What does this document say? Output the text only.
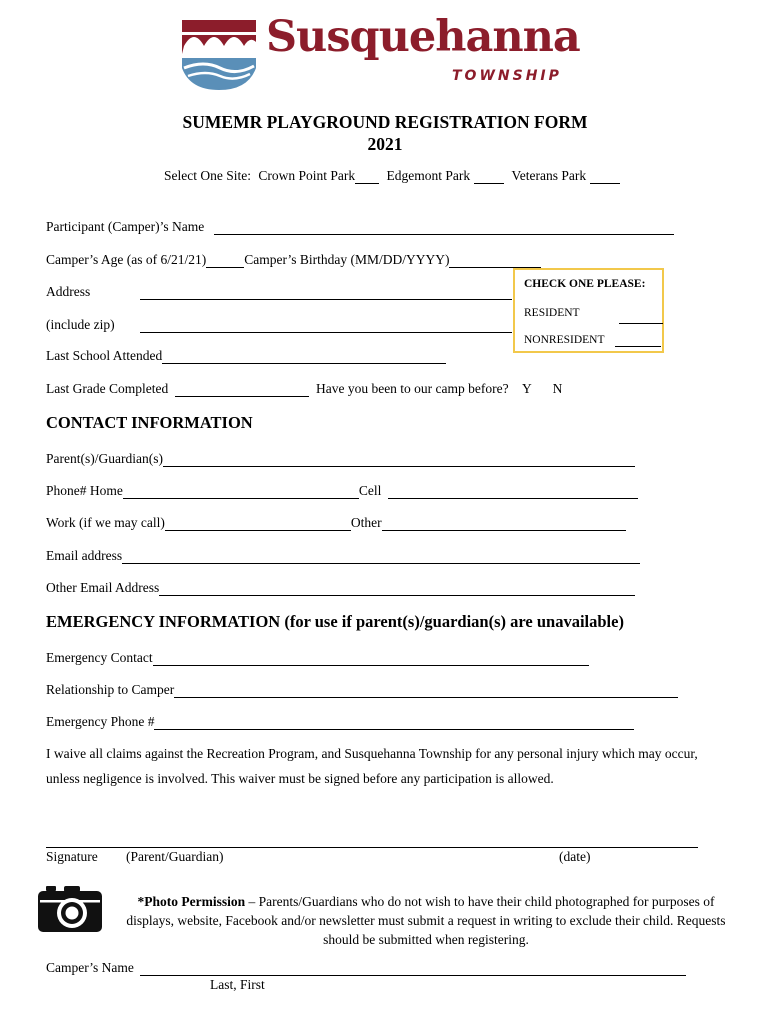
Susquehanna
TOWNSHIP
SUMEMR PLAYGROUND REGISTRATION FORM
2021
Select One Site: Crown Point Park Edgemont Park	Veterans Park
Participant (Camper)’s Name
Camper’s Age (as of 6/21/21)	Camper’s Birthday (MM/DD/YYYY)
Address
(include zip)
Last School Attended
Last Grade Completed	Have you been to our camp before? Y N
CHECK ONE PLEASE:
RESIDENT
NONRESIDENT
CONTACT INFORMATION
Parent(s)/Guardian(s)
Phone# Home	Cell
Work (if we may call)	Other
Email address
Other Email Address
EMERGENCY INFORMATION (for use if parent(s)/guardian(s) are unavailable)
Emergency Contact
Relationship to Camper
Emergency Phone #
I waive all claims against the Recreation Program, and Susquehanna Township for any personal injury which may occur, unless negligence is involved. This waiver must be signed before any participation is allowed.
Signature (Parent/Guardian)	(date)
*Photo Permission – Parents/Guardians who do not wish to have their child photographed for purposes of displays, website, Facebook and/or newsletter must submit a request in writing to exclude their child. Requests should be submitted when registering.
Camper’s Name
Last, First
